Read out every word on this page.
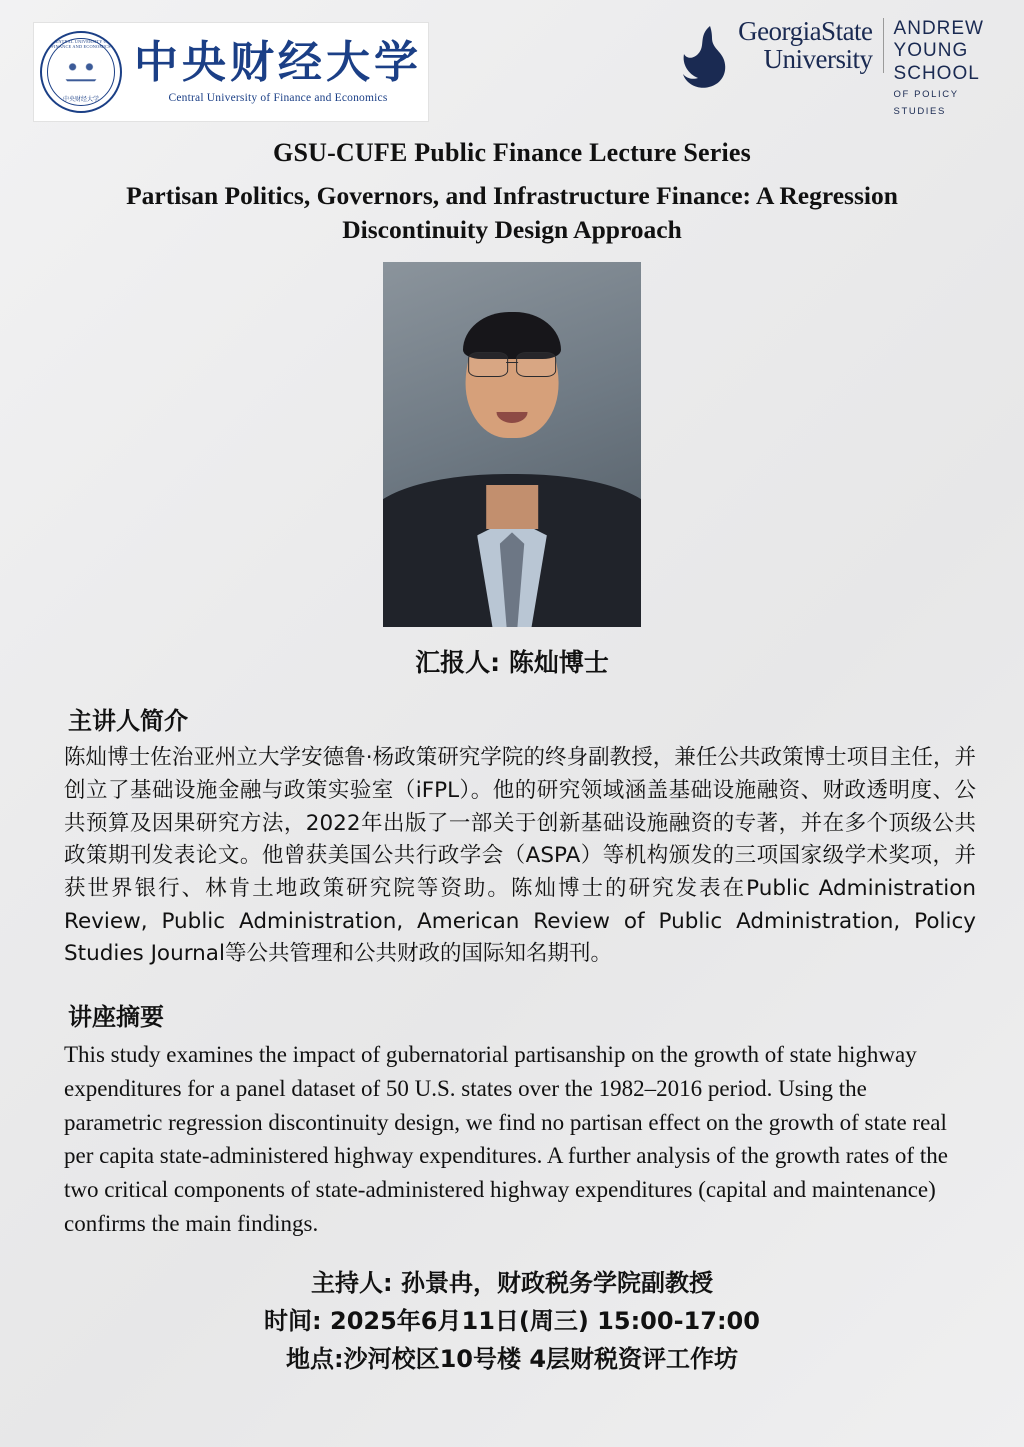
CENTRAL UNIVERSITY OF FINANCE AND ECONOMICS
中央财经大学
中央财经大学
Central University of Finance and Economics
GeorgiaState
University
ANDREW
YOUNG
SCHOOL
OF POLICY
STUDIES
GSU-CUFE Public Finance Lecture Series
Partisan Politics, Governors, and Infrastructure Finance: A Regression Discontinuity Design Approach
汇报人: 陈灿博士
主讲人简介

陈灿博士佐治亚州立大学安德鲁·杨政策研究学院的终身副教授，兼任公共政策博士项目主任，并创立了基础设施金融与政策实验室（iFPL）。他的研究领域涵盖基础设施融资、财政透明度、公共预算及因果研究方法，2022年出版了一部关于创新基础设施融资的专著，并在多个顶级公共政策期刊发表论文。他曾获美国公共行政学会（ASPA）等机构颁发的三项国家级学术奖项，并获世界银行、林肯土地政策研究院等资助。陈灿博士的研究发表在Public Administration Review, Public Administration, American Review of Public Administration, Policy Studies Journal等公共管理和公共财政的国际知名期刊。

讲座摘要

This study examines the impact of gubernatorial partisanship on the growth of state highway expenditures for a panel dataset of 50 U.S. states over the 1982–2016 period. Using the parametric regression discontinuity design, we find no partisan effect on the growth of state real per capita state-administered highway expenditures. A further analysis of the growth rates of the two critical components of state-administered highway expenditures (capital and maintenance) confirms the main findings.

主持人: 孙景冉，财政税务学院副教授
时间: 2025年6月11日(周三) 15:00-17:00
地点:沙河校区10号楼 4层财税资评工作坊
